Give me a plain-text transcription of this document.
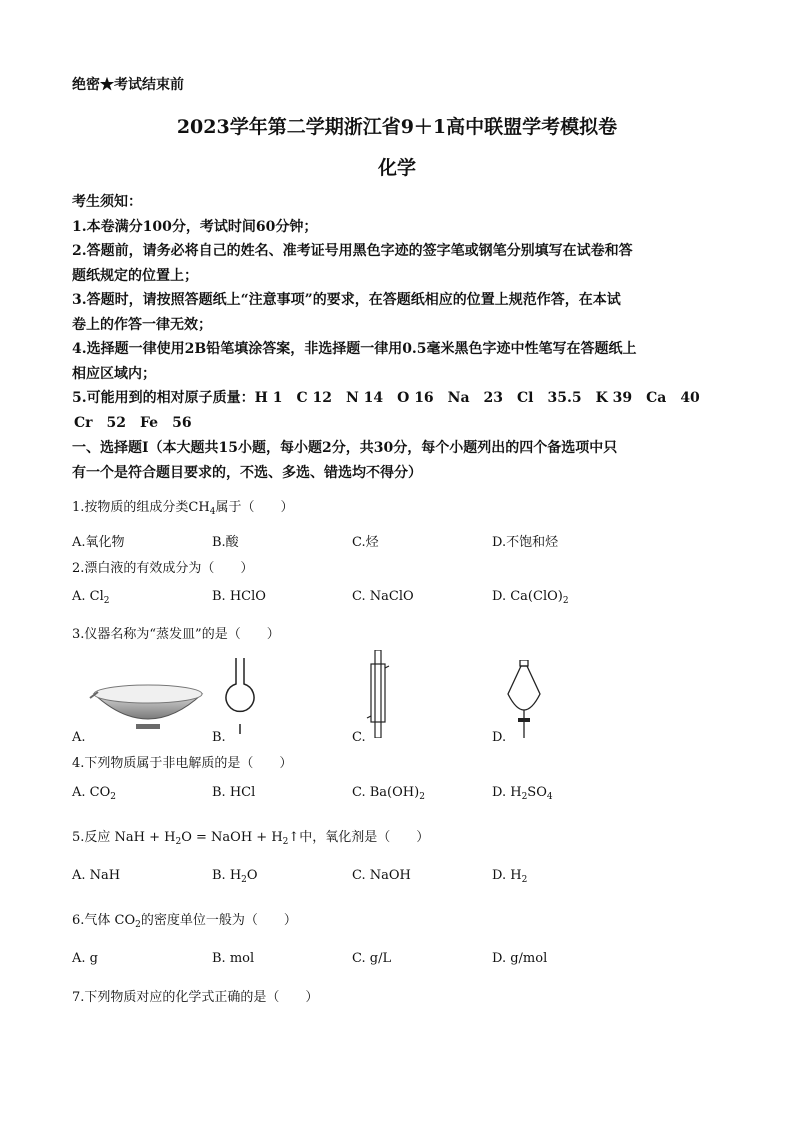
绝密★考试结束前
2023学年第二学期浙江省9＋1高中联盟学考模拟卷
化学

考生须知：

1.本卷满分100分，考试时间60分钟；

2.答题前，请务必将自己的姓名、准考证号用黑色字迹的签字笔或钢笔分别填写在试卷和答

题纸规定的位置上；

3.答题时，请按照答题纸上“注意事项”的要求，在答题纸相应的位置上规范作答，在本试

卷上的作答一律无效；

4.选择题一律使用2B铅笔填涂答案，非选择题一律用0.5毫米黑色字迹中性笔写在答题纸上

相应区域内；

5.可能用到的相对原子质量：H 1　C 12　N 14　O 16　Na　23　Cl　35.5　K 39　Ca　40

Cr　52　Fe　56

一、选择题Ⅰ（本大题共15小题，每小题2分，共30分，每个小题列出的四个备选项中只
有一个是符合题目要求的，不选、多选、错选均不得分）
1.按物质的组成分类$CH_4$属于（　　）
A.氧化物	B.酸	C.烃	D.不饱和烃
2.漂白液的有效成分为（　　）
A. $Cl_2$	B. HClO	C. NaClO	D. $Ca(ClO)_2$
3.仪器名称为“蒸发皿”的是（　　）
A.	B.	C.	D.
4.下列物质属于非电解质的是（　　）
A. $CO_2$	B. HCl	C. $Ba(OH)_2$	D. $H_2SO_4$
5.反应 NaH + $H_2O$ = NaOH + $H_2↑$中，氧化剂是（　　）
A. NaH	B. $H_2O$	C. NaOH	D. $H_2$
6.气体 $CO_2$的密度单位一般为（　　）
A. g	B. mol	C. g/L	D. g/mol
7.下列物质对应的化学式正确的是（　　）
